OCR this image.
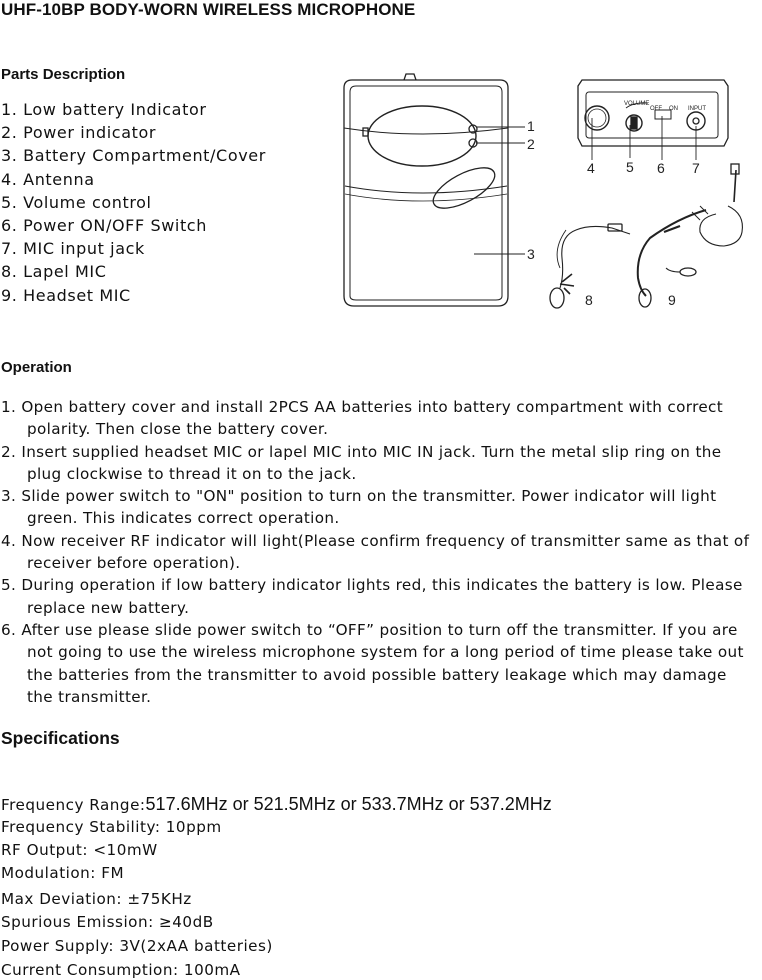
UHF-10BP BODY-WORN WIRELESS MICROPHONE
Parts Description
1. Low battery Indicator
2. Power indicator
3. Battery Compartment/Cover
4. Antenna
5. Volume control
6. Power ON/OFF Switch
7. MIC input jack
8. Lapel MIC
9. Headset MIC
VOLUME
OFF ON INPUT
1
2
3
4 5 6 7
8	9
Operation
1. Open battery cover and install 2PCS AA batteries into battery compartment with correct polarity. Then close the battery cover.
2. Insert supplied headset MIC or lapel MIC into MIC IN jack. Turn the metal slip ring on the plug clockwise to thread it on to the jack.
3. Slide power switch to "ON" position to turn on the transmitter. Power indicator will light green. This indicates correct operation.
4. Now receiver RF indicator will light(Please confirm frequency of transmitter same as that of receiver before operation).
5. During operation if low battery indicator lights red, this indicates the battery is low. Please replace new battery.
6. After use please slide power switch to “OFF” position to turn off the transmitter. If you are not going to use the wireless microphone system for a long period of time please take out the batteries from the transmitter to avoid possible battery leakage which may damage the transmitter.
Specifications
Frequency Range:517.6MHz or 521.5MHz or 533.7MHz or 537.2MHz
Frequency Stability: 10ppm
RF Output: <10mW
Modulation: FM
Max Deviation: ±75KHz
Spurious Emission: ≥40dB
Power Supply: 3V(2xAA batteries)
Current Consumption: 100mA
